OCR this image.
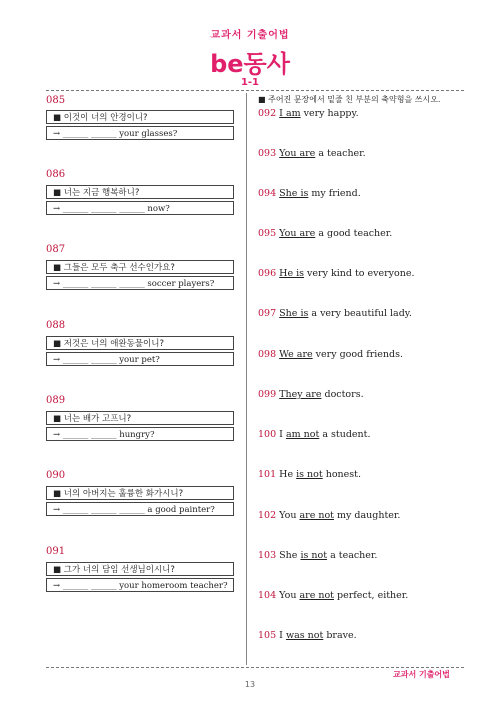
교과서 기출어법
be동사
1-1
085
■ 이것이 너의 안경이니?
→ ______ ______ your glasses?
086
■ 너는 지금 행복하니?
→ ______ ______ ______ now?
087
■ 그들은 모두 축구 선수인가요?
→ ______ ______ ______ soccer players?
088
■ 저것은 너의 애완동물이니?
→ ______ ______ your pet?
089
■ 너는 배가 고프니?
→ ______ ______ hungry?
090
■ 너의 아버지는 훌륭한 화가시니?
→ ______ ______ ______ a good painter?
091
■ 그가 너의 담임 선생님이시니?
→ ______ ______ your homeroom teacher?
■ 주어진 문장에서 밑줄 친 부분의 축약형을 쓰시오.
092 I am very happy.
093 You are a teacher.
094 She is my friend.
095 You are a good teacher.
096 He is very kind to everyone.
097 She is a very beautiful lady.
098 We are very good friends.
099 They are doctors.
100 I am not a student.
101 He is not honest.
102 You are not my daughter.
103 She is not a teacher.
104 You are not perfect, either.
105 I was not brave.
교과서 기출어법
13
